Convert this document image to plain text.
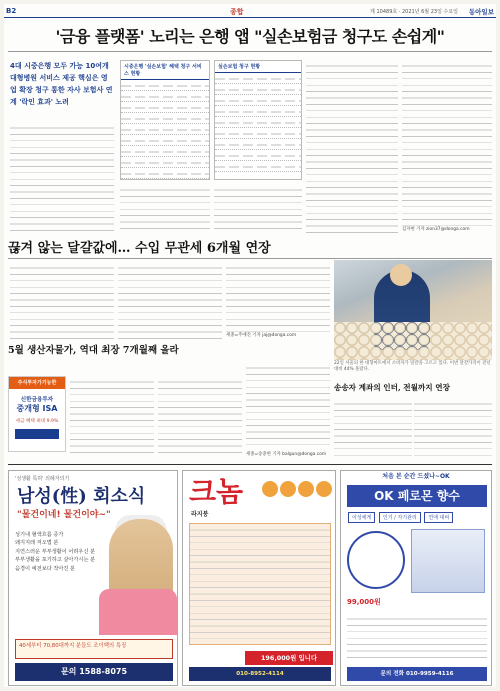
B2	종합	제 10489호 · 2021년 6월 23일 수요일 동아일보
'금융 플랫폼' 노리는 은행 앱 "실손보험금 청구도 손쉽게"
4대 시중은행 모두 가능 10여개 대형병원 서비스 제공 핵심은 영업 확장 청구 통한 자사 보험사 연계 '락인 효과' 노려
시중은행 '실손보험' 혜택 청구 서비스 현황
실손보험 청구 현황
김자현 기자 zion37@donga.com
끊겨 않는 달걀값에… 수입 무관세 6개월 연장
세종=주애진 기자 jaj@donga.com
22일 서울의 한 대형마트에서 소비자가 달걀을 고르고 있다. 이번 달걀가격이 전년 대비 44% 올랐다.
5월 생산자물가, 역대 최장 7개월째 올라
주식투자가기능한
신한금융투자
중개형 ISA
세금 혜택 최대 9.9%
세종=송충현 기자 balgun@donga.com
송송자 계좌의 인터, 전월까지 연장
'성생활 특허' 의례자의기
남성(性) 회소식
"물건이네! 물건이야~"
성기내 혈액흐름 증가
왜지지레 저오법 분
지연스러운 부부생활이 어려우신 분
부부생활을 포기하고 살아가시는 분
음경이 예전보다 작아진 분
40세부터 70,80대까지 분들도 조이백의 특징
문의 1588-8075
크놈
라지붕
196,000원 입니다
010-8952-4114
처음 본 순간 드셨나~OK
OK 페로몬 향수
이성에게 인기 / 자기관리 연애 대비
99,000원
문의 전화 010-9959-4116
